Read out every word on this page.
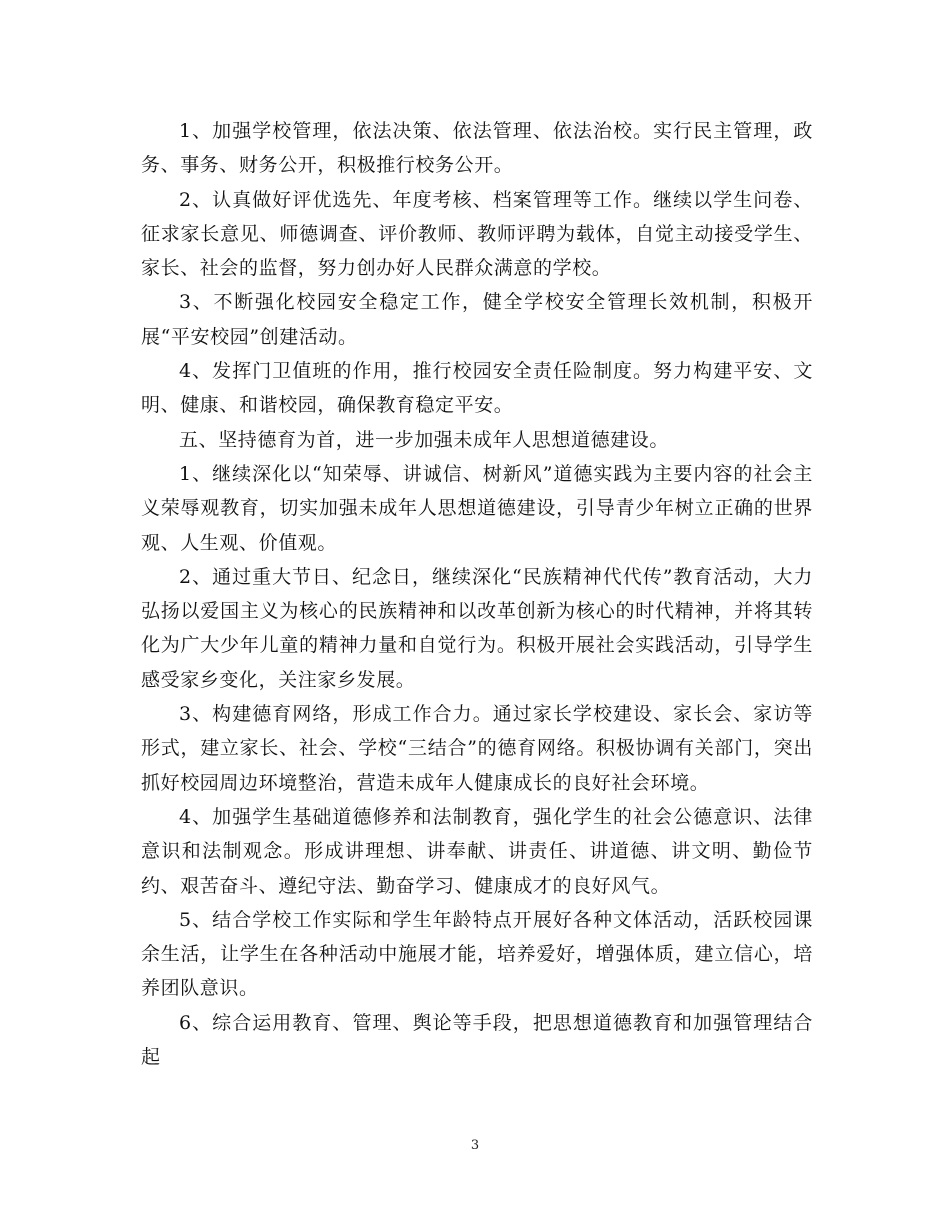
1、加强学校管理，依法决策、依法管理、依法治校。实行民主管理，政务、事务、财务公开，积极推行校务公开。

2、认真做好评优选先、年度考核、档案管理等工作。继续以学生问卷、征求家长意见、师德调查、评价教师、教师评聘为载体，自觉主动接受学生、家长、社会的监督，努力创办好人民群众满意的学校。

3、不断强化校园安全稳定工作，健全学校安全管理长效机制，积极开展“平安校园”创建活动。

4、发挥门卫值班的作用，推行校园安全责任险制度。努力构建平安、文明、健康、和谐校园，确保教育稳定平安。

五、坚持德育为首，进一步加强未成年人思想道德建设。

1、继续深化以“知荣辱、讲诚信、树新风”道德实践为主要内容的社会主义荣辱观教育，切实加强未成年人思想道德建设，引导青少年树立正确的世界观、人生观、价值观。

2、通过重大节日、纪念日，继续深化“民族精神代代传”教育活动，大力弘扬以爱国主义为核心的民族精神和以改革创新为核心的时代精神，并将其转化为广大少年儿童的精神力量和自觉行为。积极开展社会实践活动，引导学生感受家乡变化，关注家乡发展。

3、构建德育网络，形成工作合力。通过家长学校建设、家长会、家访等形式，建立家长、社会、学校“三结合”的德育网络。积极协调有关部门，突出抓好校园周边环境整治，营造未成年人健康成长的良好社会环境。

4、加强学生基础道德修养和法制教育，强化学生的社会公德意识、法律意识和法制观念。形成讲理想、讲奉献、讲责任、讲道德、讲文明、勤俭节约、艰苦奋斗、遵纪守法、勤奋学习、健康成才的良好风气。

5、结合学校工作实际和学生年龄特点开展好各种文体活动，活跃校园课余生活，让学生在各种活动中施展才能，培养爱好，增强体质，建立信心，培养团队意识。

6、综合运用教育、管理、舆论等手段，把思想道德教育和加强管理结合起

3
